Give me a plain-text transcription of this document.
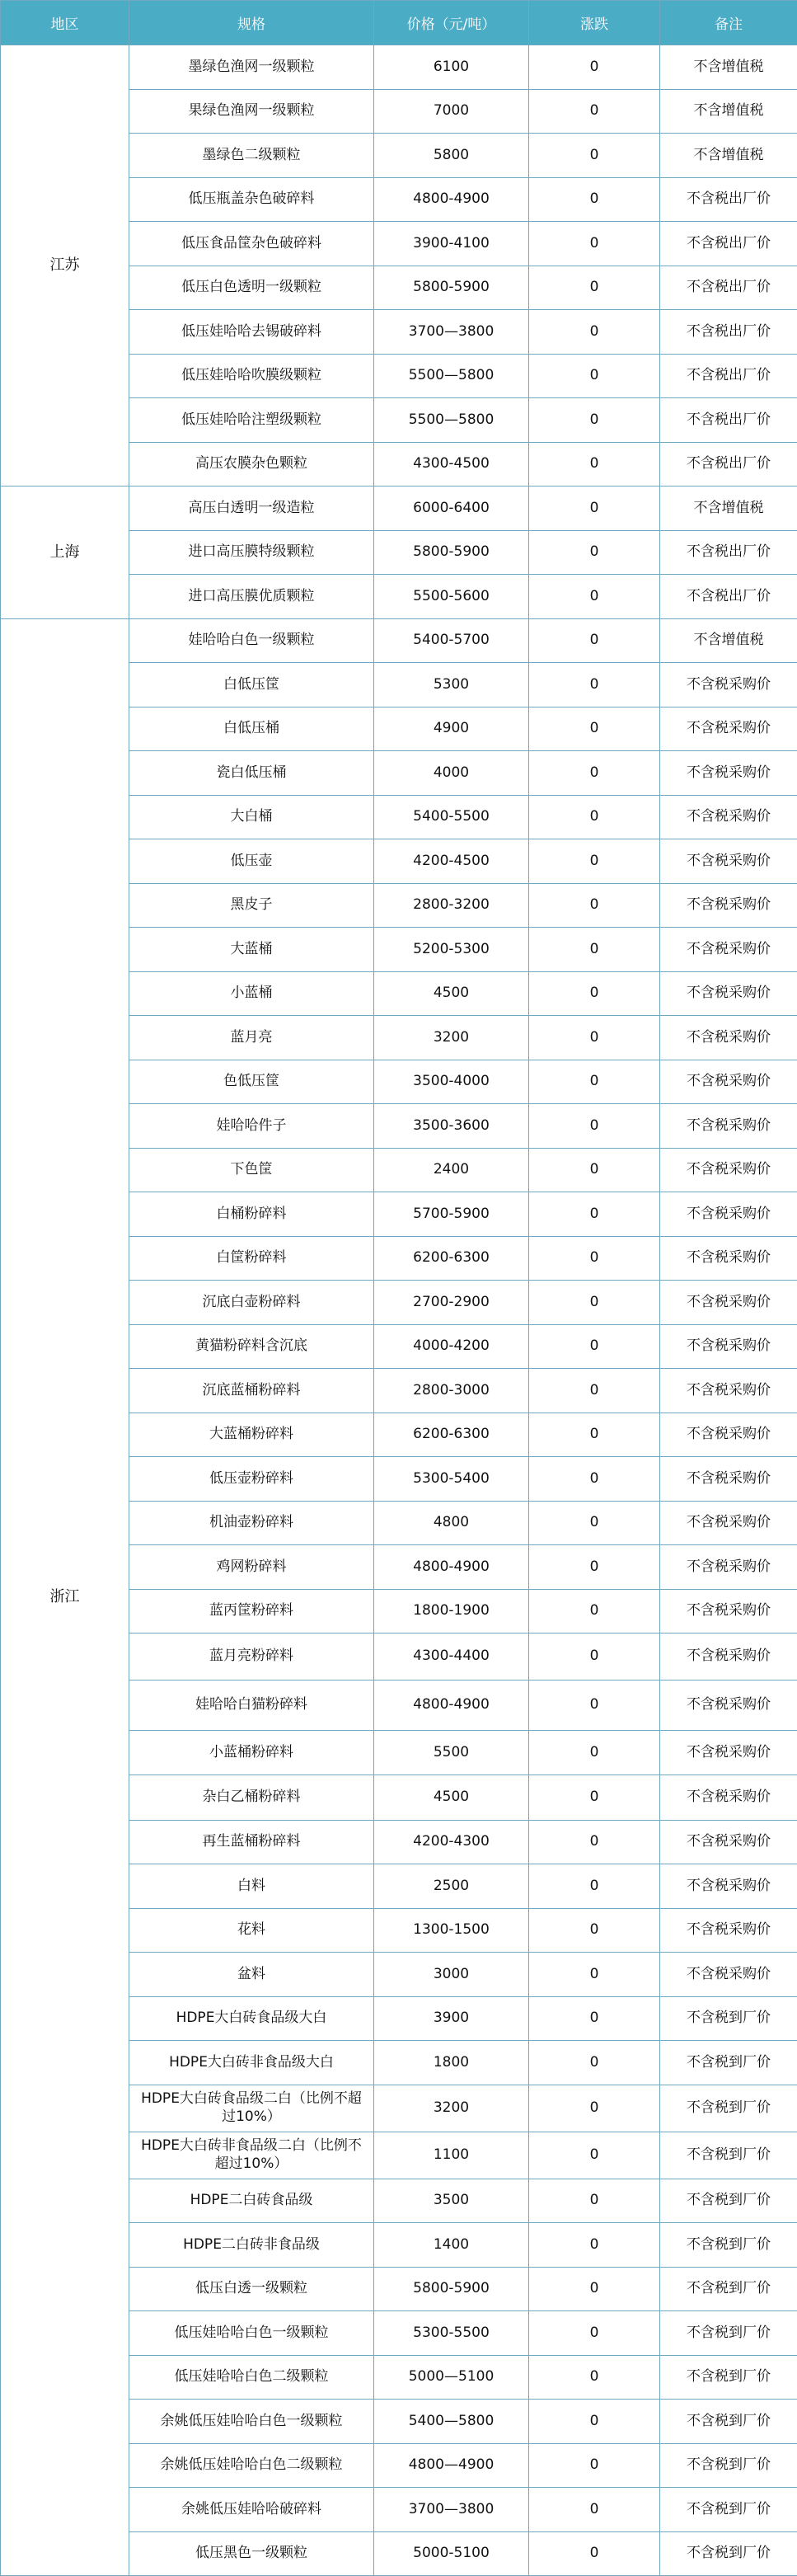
地区	规格	价格（元/吨）	涨跌	备注
江苏	墨绿色渔网一级颗粒	6100	0	不含增值税
	果绿色渔网一级颗粒	7000	0	不含增值税
	墨绿色二级颗粒	5800	0	不含增值税
	低压瓶盖杂色破碎料	4800-4900	0	不含税出厂价
	低压食品筐杂色破碎料	3900-4100	0	不含税出厂价
	低压白色透明一级颗粒	5800-5900	0	不含税出厂价
	低压娃哈哈去锡破碎料	3700—3800	0	不含税出厂价
	低压娃哈哈吹膜级颗粒	5500—5800	0	不含税出厂价
	低压娃哈哈注塑级颗粒	5500—5800	0	不含税出厂价
	高压农膜杂色颗粒	4300-4500	0	不含税出厂价
上海	高压白透明一级造粒	6000-6400	0	不含增值税
	进口高压膜特级颗粒	5800-5900	0	不含税出厂价
	进口高压膜优质颗粒	5500-5600	0	不含税出厂价
浙江	娃哈哈白色一级颗粒	5400-5700	0	不含增值税
	白低压筐	5300	0	不含税采购价
	白低压桶	4900	0	不含税采购价
	瓷白低压桶	4000	0	不含税采购价
	大白桶	5400-5500	0	不含税采购价
	低压壶	4200-4500	0	不含税采购价
	黑皮子	2800-3200	0	不含税采购价
	大蓝桶	5200-5300	0	不含税采购价
	小蓝桶	4500	0	不含税采购价
	蓝月亮	3200	0	不含税采购价
	色低压筐	3500-4000	0	不含税采购价
	娃哈哈件子	3500-3600	0	不含税采购价
	下色筐	2400	0	不含税采购价
	白桶粉碎料	5700-5900	0	不含税采购价
	白筐粉碎料	6200-6300	0	不含税采购价
	沉底白壶粉碎料	2700-2900	0	不含税采购价
	黄猫粉碎料含沉底	4000-4200	0	不含税采购价
	沉底蓝桶粉碎料	2800-3000	0	不含税采购价
	大蓝桶粉碎料	6200-6300	0	不含税采购价
	低压壶粉碎料	5300-5400	0	不含税采购价
	机油壶粉碎料	4800	0	不含税采购价
	鸡网粉碎料	4800-4900	0	不含税采购价
	蓝丙筐粉碎料	1800-1900	0	不含税采购价
	蓝月亮粉碎料	4300-4400	0	不含税采购价
	娃哈哈白猫粉碎料	4800-4900	0	不含税采购价
	小蓝桶粉碎料	5500	0	不含税采购价
	杂白乙桶粉碎料	4500	0	不含税采购价
	再生蓝桶粉碎料	4200-4300	0	不含税采购价
	白料	2500	0	不含税采购价
	花料	1300-1500	0	不含税采购价
	盆料	3000	0	不含税采购价
	HDPE大白砖食品级大白	3900	0	不含税到厂价
	HDPE大白砖非食品级大白	1800	0	不含税到厂价
	HDPE大白砖食品级二白（比例不超过10%）	3200	0	不含税到厂价
	HDPE大白砖非食品级二白（比例不超过10%）	1100	0	不含税到厂价
	HDPE二白砖食品级	3500	0	不含税到厂价
	HDPE二白砖非食品级	1400	0	不含税到厂价
	低压白透一级颗粒	5800-5900	0	不含税到厂价
	低压娃哈哈白色一级颗粒	5300-5500	0	不含税到厂价
	低压娃哈哈白色二级颗粒	5000—5100	0	不含税到厂价
	余姚低压娃哈哈白色一级颗粒	5400—5800	0	不含税到厂价
	余姚低压娃哈哈白色二级颗粒	4800—4900	0	不含税到厂价
	余姚低压娃哈哈破碎料	3700—3800	0	不含税到厂价
	低压黑色一级颗粒	5000-5100	0	不含税到厂价
